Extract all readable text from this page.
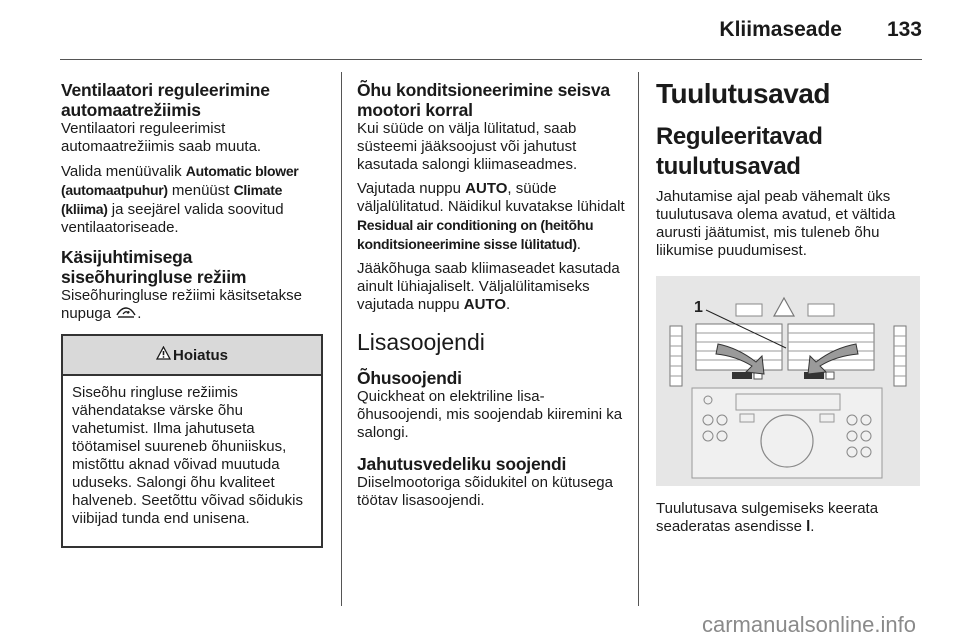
Kliimaseade 133
Ventilaatori reguleerimine
automaatrežiimis

Ventilaatori reguleerimist automaatrežiimis saab muuta.

Valida menüüvalik Automatic blower (automaatpuhur) menüüst Climate (kliima) ja seejärel valida soovitud ventilaatoriseade.

Käsijuhtimisega
siseõhuringluse režiim

Siseõhuringluse režiimi käsitsetakse nupuga .

Hoiatus

Siseõhu ringluse režiimis vähendatakse värske õhu vahetumist. Ilma jahutuseta töötamisel suureneb õhuniiskus, mistõttu aknad võivad muutuda uduseks. Salongi õhu kvaliteet halveneb. Seetõttu võivad sõidukis viibijad tunda end unisena.

Õhu konditsioneerimine seisva
mootori korral

Kui süüde on välja lülitatud, saab süsteemi jääksoojust või jahutust kasutada salongi kliimaseadmes.

Vajutada nuppu AUTO, süüde väljalülitatud. Näidikul kuvatakse lühidalt Residual air conditioning on (heitõhu konditsioneerimine sisse lülitatud).

Jääkõhuga saab kliimaseadet kasutada ainult lühiajaliselt. Väljalülitamiseks vajutada nuppu AUTO.

Lisasoojendi
Õhusoojendi

Quickheat on elektriline lisa-õhusoojendi, mis soojendab kiiremini ka salongi.

Jahutusvedeliku soojendi

Diiselmootoriga sõidukitel on kütusega töötav lisasoojendi.

Tuulutusavad
Reguleeritavad
tuulutusavad

Jahutamise ajal peab vähemalt üks tuulutusava olema avatud, et vältida aurusti jäätumist, mis tuleneb õhu liikumise puudumisest.

1

Tuulutusava sulgemiseks keerata seaderatas asendisse l.

carmanualsonline.info
